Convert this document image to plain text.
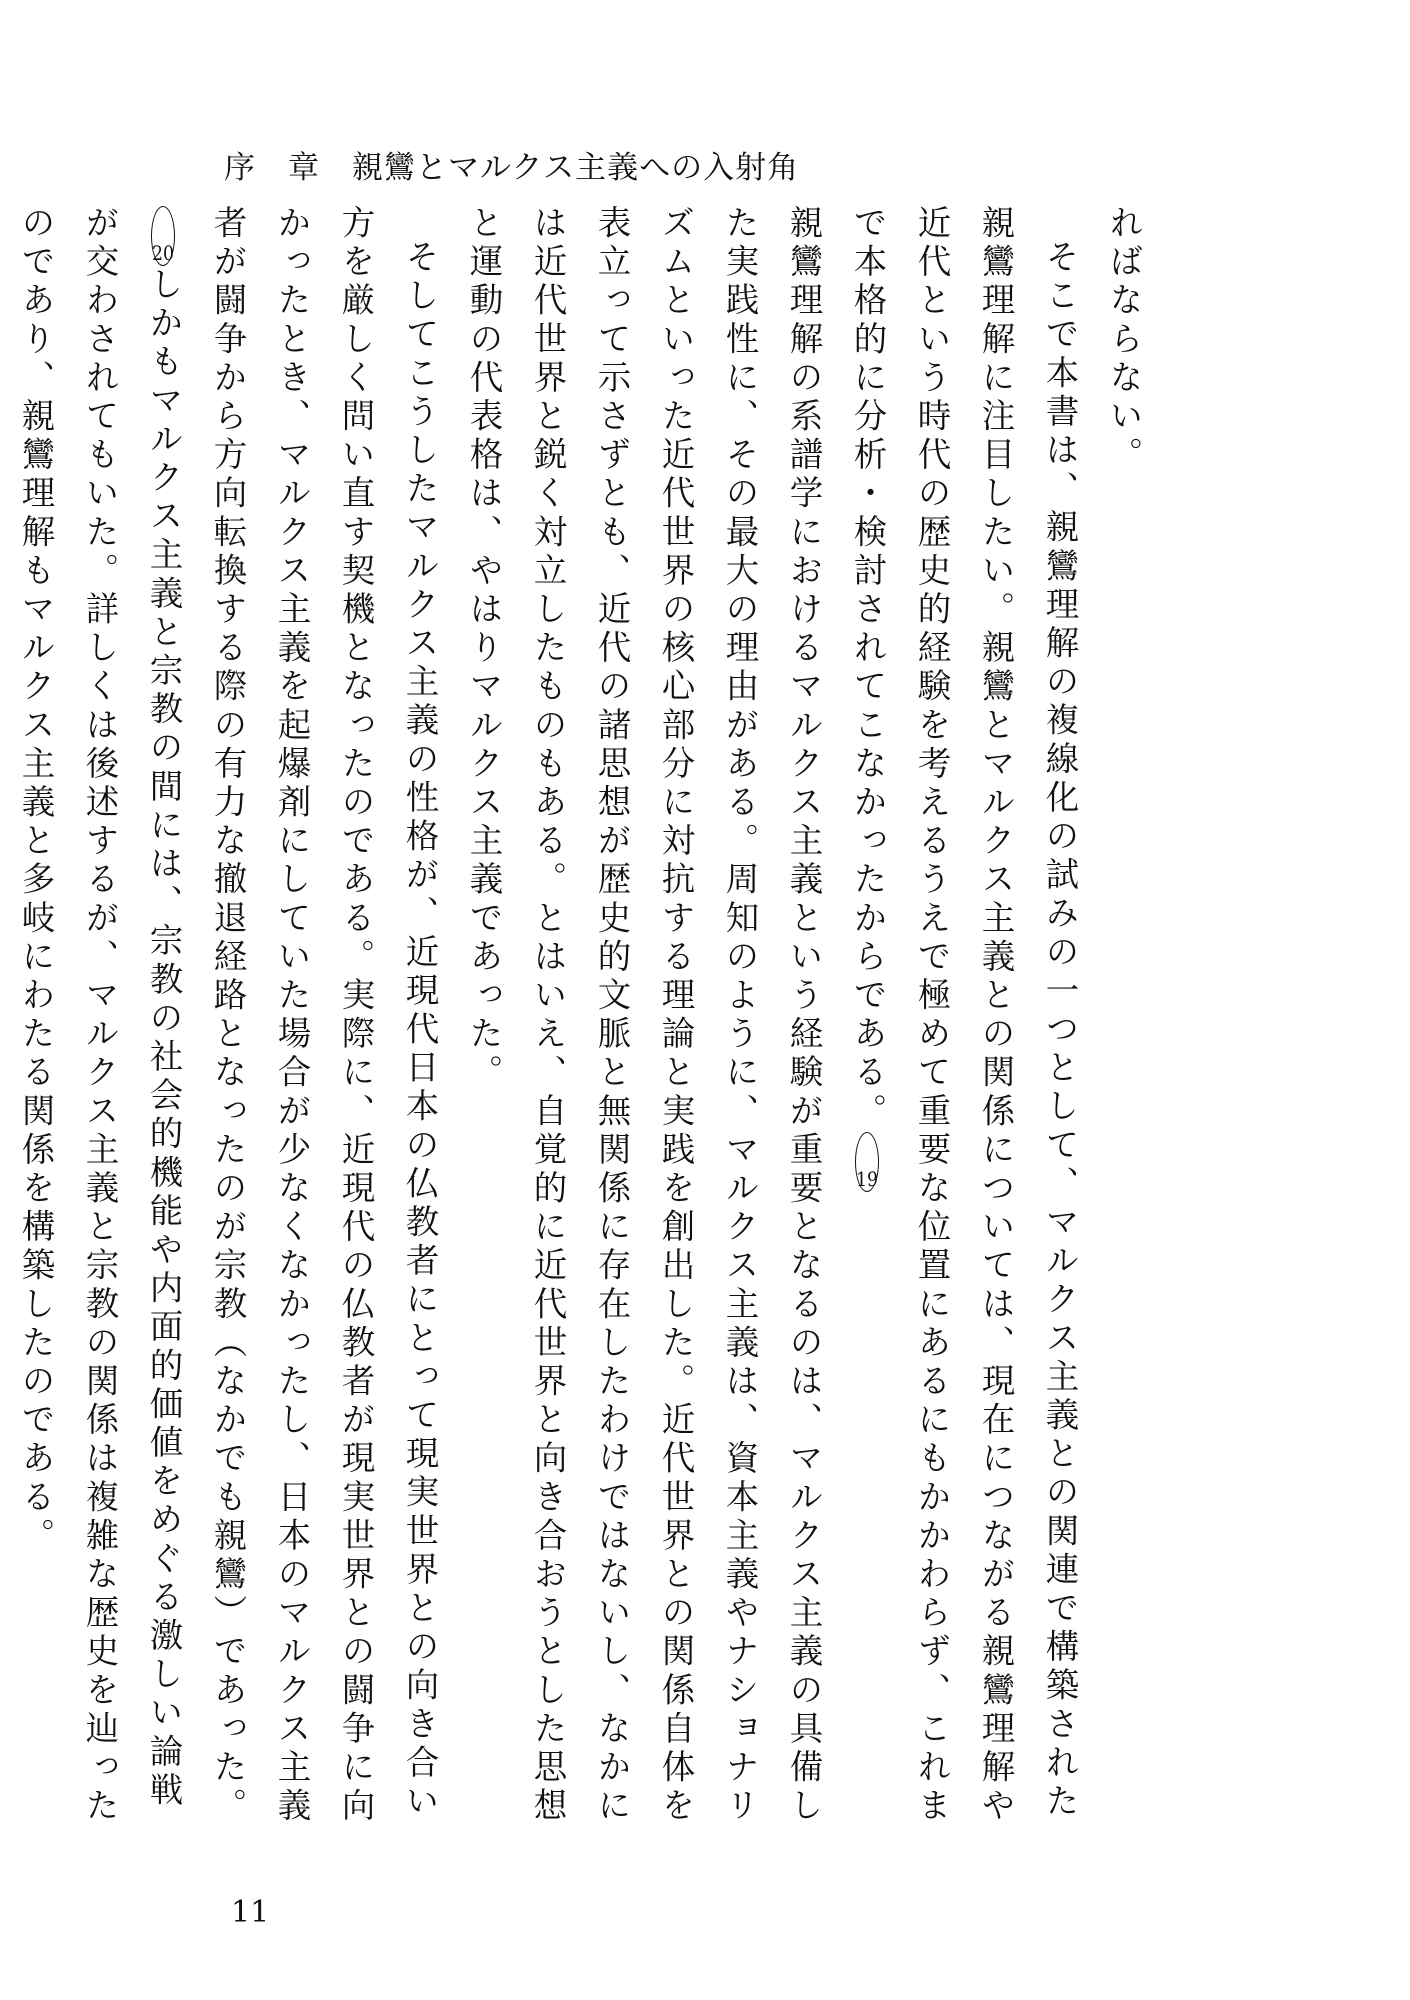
序　章　親鸞とマルクス主義への入射角

ればならない。

そこで本書は、親鸞理解の複線化の試みの一つとして、マルクス主義との関連で構築された親鸞理解に注目したい。親鸞とマルクス主義との関係については、現在につながる親鸞理解や近代という時代の歴史的経験を考えるうえで極めて重要な位置にあるにもかかわらず、これまで本格的に分析・検討されてこなかったからである。19

親鸞理解の系譜学におけるマルクス主義という経験が重要となるのは、マルクス主義の具備した実践性に、その最大の理由がある。周知のように、マルクス主義は、資本主義やナショナリズムといった近代世界の核心部分に対抗する理論と実践を創出した。近代世界との関係自体を表立って示さずとも、近代の諸思想が歴史的文脈と無関係に存在したわけではないし、なかには近代世界と鋭く対立したものもある。とはいえ、自覚的に近代世界と向き合おうとした思想と運動の代表格は、やはりマルクス主義であった。

そしてこうしたマルクス主義の性格が、近現代日本の仏教者にとって現実世界との向き合い方を厳しく問い直す契機となったのである。実際に、近現代の仏教者が現実世界との闘争に向かったとき、マルクス主義を起爆剤にしていた場合が少なくなかったし、日本のマルクス主義者が闘争から方向転換する際の有力な撤退経路となったのが宗教（なかでも親鸞）であった。20しかもマルクス主義と宗教の間には、宗教の社会的機能や内面的価値をめぐる激しい論戦が交わされてもいた。詳しくは後述するが、マルクス主義と宗教の関係は複雑な歴史を辿ったのであり、親鸞理解もマルクス主義と多岐にわたる関係を構築したのである。

11
